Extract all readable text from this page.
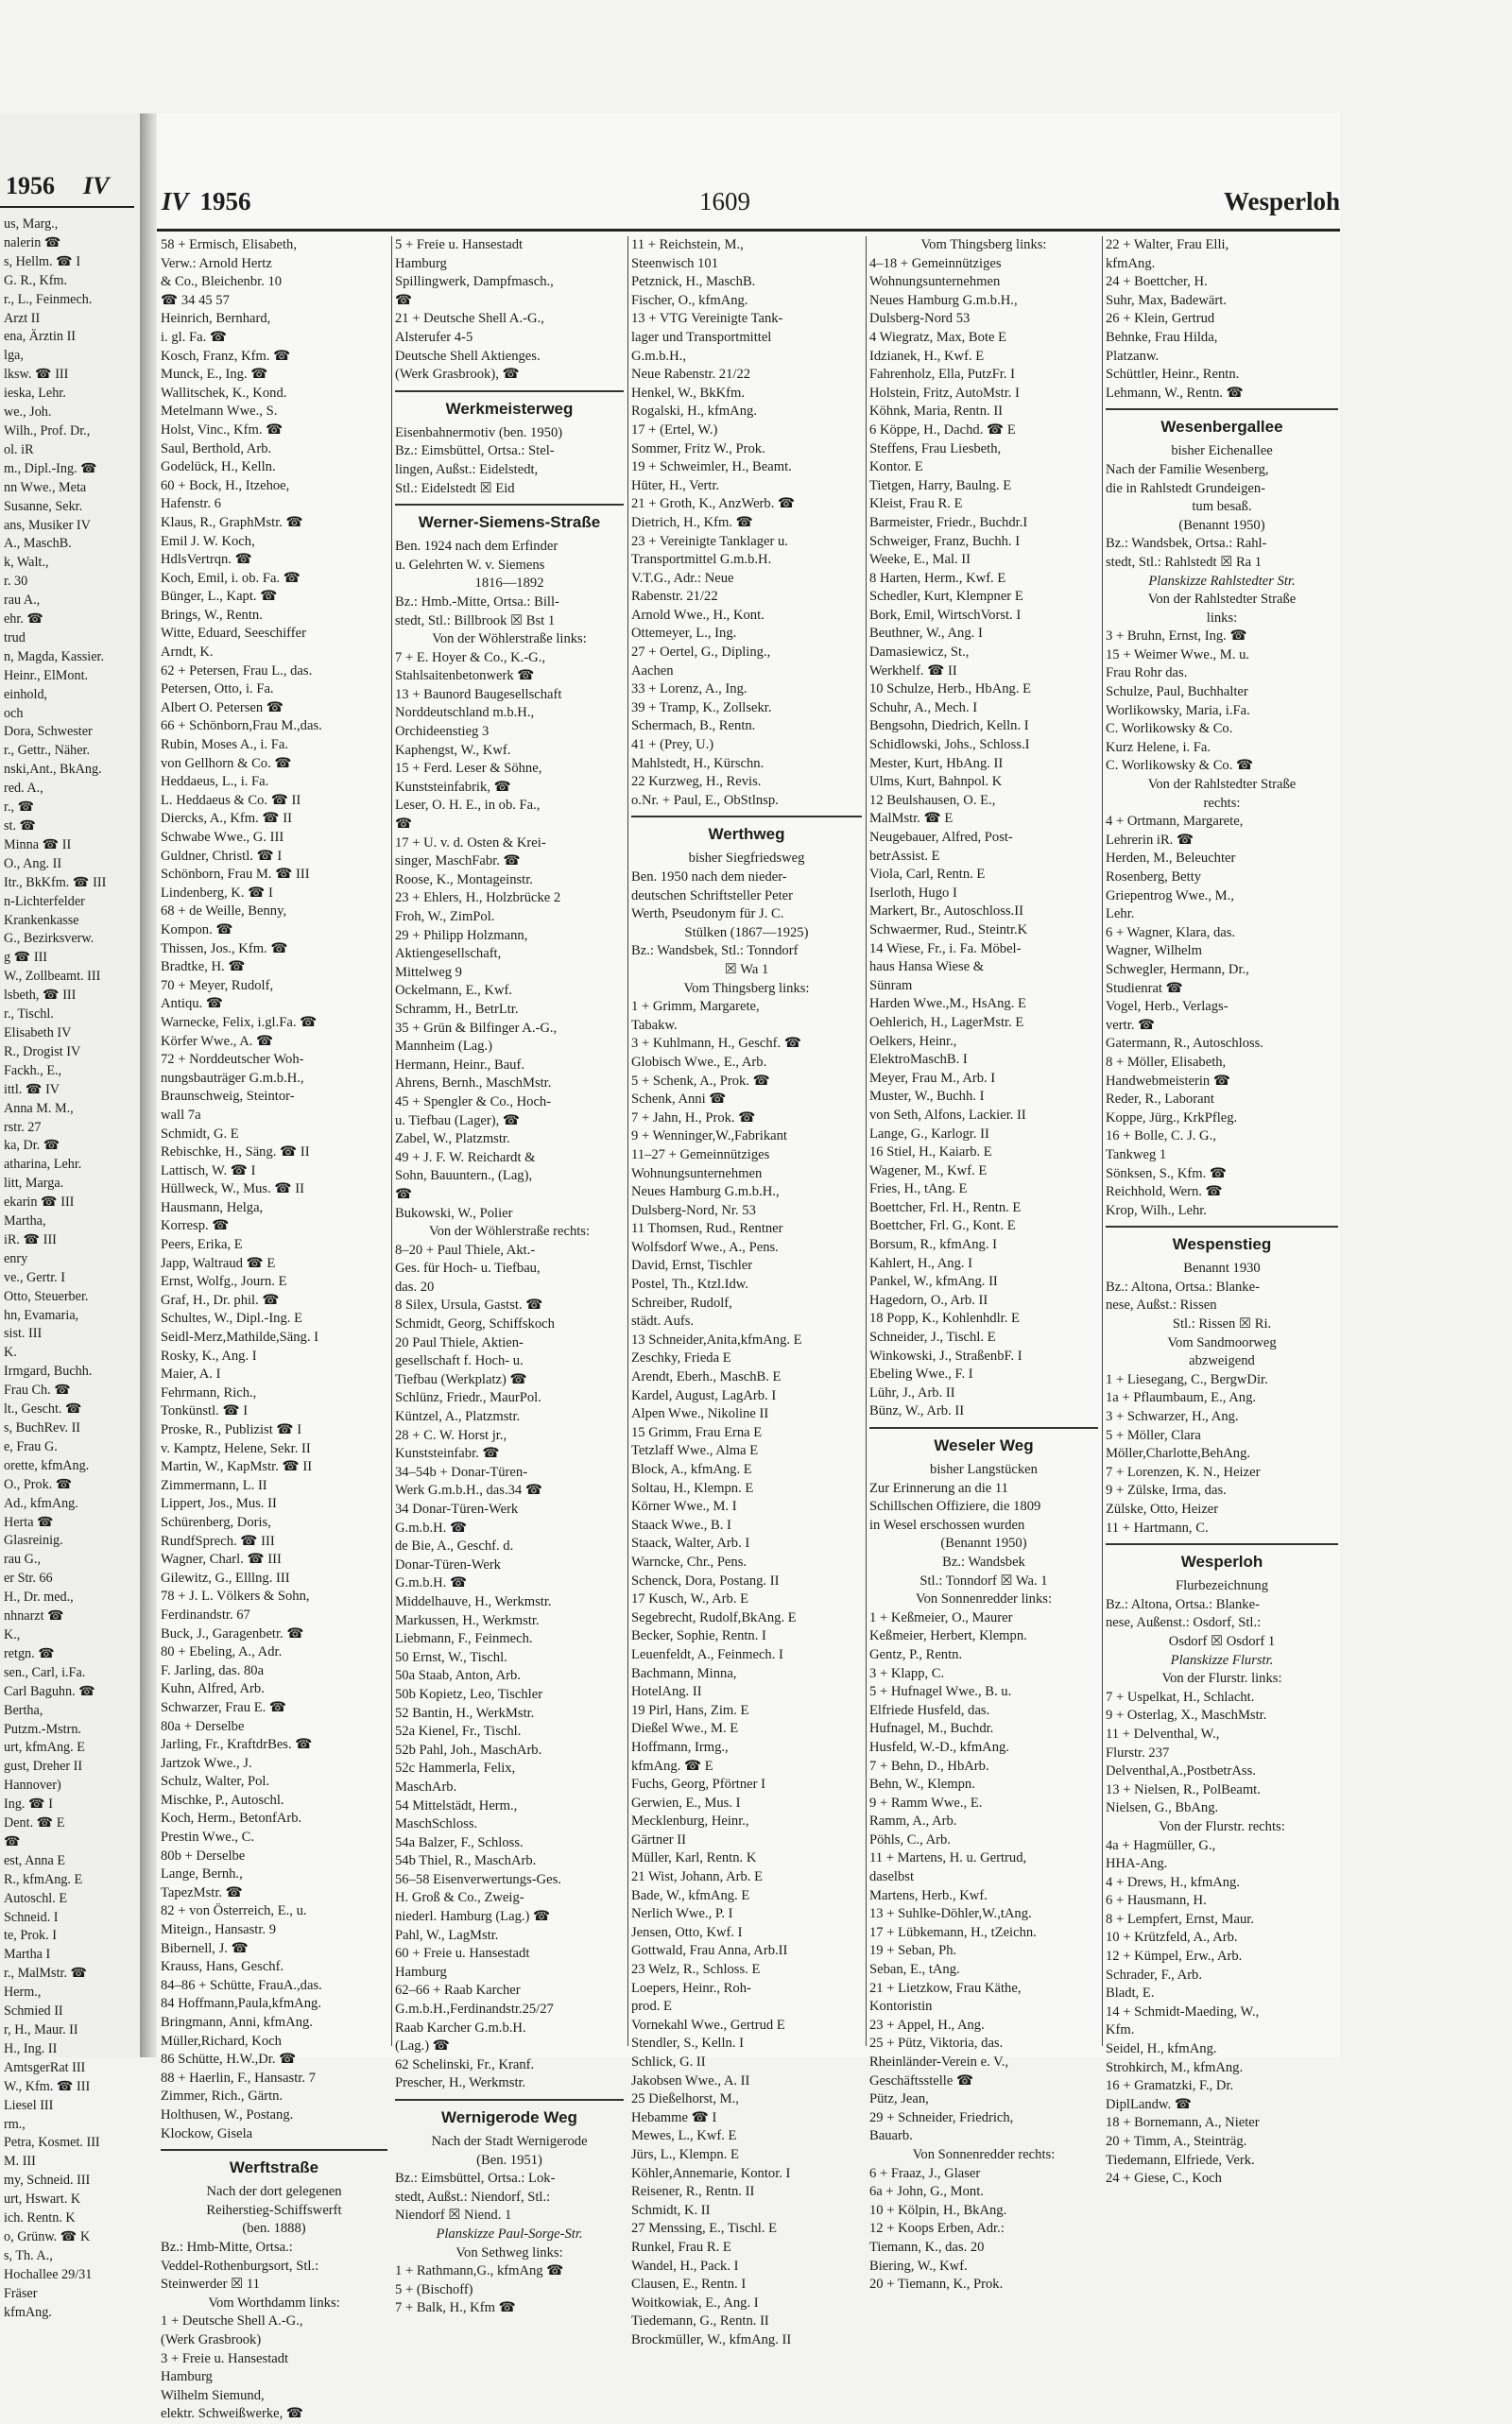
1956 IV
us, Marg.,
nalerin ☎
s, Hellm. ☎ I
G. R., Kfm.
r., L., Feinmech.
Arzt II
ena, Ärztin II
lga,
lksw. ☎ III
ieska, Lehr.
we., Joh.
Wilh., Prof. Dr.,
ol. iR
m., Dipl.-Ing. ☎
nn Wwe., Meta
Susanne, Sekr.
ans, Musiker IV
A., MaschB.
k, Walt.,
r. 30
rau A.,
ehr. ☎
trud
n, Magda, Kassier.
Heinr., ElMont.
einhold,
och
Dora, Schwester
r., Gettr., Näher.
nski,Ant., BkAng.
red. A.,
r., ☎
st. ☎
Minna ☎ II
O., Ang. II
Itr., BkKfm. ☎ III
n-Lichterfelder
Krankenkasse
G., Bezirksverw.
g ☎ III
W., Zollbeamt. III
lsbeth, ☎ III
r., Tischl.
Elisabeth IV
R., Drogist IV
Fackh., E.,
ittl. ☎ IV
Anna M. M.,
rstr. 27
ka, Dr. ☎
atharina, Lehr.
litt, Marga.
ekarin ☎ III
Martha,
iR. ☎ III
enry
ve., Gertr. I
Otto, Steuerber.
hn, Evamaria,
sist. III
K.
Irmgard, Buchh.
Frau Ch. ☎
lt., Gescht. ☎
s, BuchRev. II
e, Frau G.
orette, kfmAng.
O., Prok. ☎
Ad., kfmAng.
Herta ☎
Glasreinig.
rau G.,
er Str. 66
H., Dr. med.,
nhnarzt ☎
K.,
retgn. ☎
sen., Carl, i.Fa.
Carl Baguhn. ☎
Bertha,
Putzm.-Mstrn.
urt, kfmAng. E
gust, Dreher II
Hannover)
Ing. ☎ I
Dent. ☎ E
☎
est, Anna E
R., kfmAng. E
Autoschl. E
Schneid. I
te, Prok. I
Martha I
r., MalMstr. ☎
Herm.,
Schmied II
r, H., Maur. II
H., Ing. II
AmtsgerRat III
W., Kfm. ☎ III
Liesel III
rm.,
Petra, Kosmet. III
M. III
my, Schneid. III
urt, Hswart. K
ich. Rentn. K
o, Grünw. ☎ K
s, Th. A.,
Hochallee 29/31
Fräser
kfmAng.
IV 1956	1609	Wesperloh
58 + Ermisch, Elisabeth,
Verw.: Arnold Hertz
& Co., Bleichenbr. 10
☎ 34 45 57
Heinrich, Bernhard,
i. gl. Fa. ☎
Kosch, Franz, Kfm. ☎
Munck, E., Ing. ☎
Wallitschek, K., Kond.
Metelmann Wwe., S.
Holst, Vinc., Kfm. ☎
Saul, Berthold, Arb.
Godelück, H., Kelln.
60 + Bock, H., Itzehoe,
Hafenstr. 6
Klaus, R., GraphMstr. ☎
Emil J. W. Koch,
HdlsVertrqn. ☎
Koch, Emil, i. ob. Fa. ☎
Bünger, L., Kapt. ☎
Brings, W., Rentn.
Witte, Eduard, Seeschiffer
Arndt, K.
62 + Petersen, Frau L., das.
Petersen, Otto, i. Fa.
Albert O. Petersen ☎
66 + Schönborn,Frau M.,das.
Rubin, Moses A., i. Fa.
von Gellhorn & Co. ☎
Heddaeus, L., i. Fa.
L. Heddaeus & Co. ☎ II
Diercks, A., Kfm. ☎ II
Schwabe Wwe., G. III
Guldner, Christl. ☎ I
Schönborn, Frau M. ☎ III
Lindenberg, K. ☎ I
68 + de Weille, Benny,
Kompon. ☎
Thissen, Jos., Kfm. ☎
Bradtke, H. ☎
70 + Meyer, Rudolf,
Antiqu. ☎
Warnecke, Felix, i.gl.Fa. ☎
Körfer Wwe., A. ☎
72 + Norddeutscher Woh-
nungsbauträger G.m.b.H.,
Braunschweig, Steintor-
wall 7a
Schmidt, G. E
Rebischke, H., Säng. ☎ II
Lattisch, W. ☎ I
Hüllweck, W., Mus. ☎ II
Hausmann, Helga,
Korresp. ☎
Peers, Erika, E
Japp, Waltraud ☎ E
Ernst, Wolfg., Journ. E
Graf, H., Dr. phil. ☎
Schultes, W., Dipl.-Ing. E
Seidl-Merz,Mathilde,Säng. I
Rosky, K., Ang. I
Maier, A. I
Fehrmann, Rich.,
Tonkünstl. ☎ I
Proske, R., Publizist ☎ I
v. Kamptz, Helene, Sekr. II
Martin, W., KapMstr. ☎ II
Zimmermann, L. II
Lippert, Jos., Mus. II
Schürenberg, Doris,
RundfSprech. ☎ III
Wagner, Charl. ☎ III
Gilewitz, G., Elllng. III
78 + J. L. Völkers & Sohn,
Ferdinandstr. 67
Buck, J., Garagenbetr. ☎
80 + Ebeling, A., Adr.
F. Jarling, das. 80a
Kuhn, Alfred, Arb.
Schwarzer, Frau E. ☎
80a + Derselbe
Jarling, Fr., KraftdrBes. ☎
Jartzok Wwe., J.
Schulz, Walter, Pol.
Mischke, P., Autoschl.
Koch, Herm., BetonfArb.
Prestin Wwe., C.
80b + Derselbe
Lange, Bernh.,
TapezMstr. ☎
82 + von Österreich, E., u.
Miteign., Hansastr. 9
Bibernell, J. ☎
Krauss, Hans, Geschf.
84–86 + Schütte, FrauA.,das.
84 Hoffmann,Paula,kfmAng.
Bringmann, Anni, kfmAng.
Müller,Richard, Koch
86 Schütte, H.W.,Dr. ☎
88 + Haerlin, F., Hansastr. 7
Zimmer, Rich., Gärtn.
Holthusen, W., Postang.
Klockow, Gisela
Werftstraße
Nach der dort gelegenen
Reiherstieg-Schiffswerft
(ben. 1888)
Bz.: Hmb-Mitte, Ortsa.:
Veddel-Rothenburgsort, Stl.:
Steinwerder ☒ 11
Vom Worthdamm links:
1 + Deutsche Shell A.-G.,
(Werk Grasbrook)
3 + Freie u. Hansestadt
Hamburg
Wilhelm Siemund,
elektr. Schweißwerke, ☎
5 + Freie u. Hansestadt
Hamburg
Spillingwerk, Dampfmasch.,
☎
21 + Deutsche Shell A.-G.,
Alsterufer 4-5
Deutsche Shell Aktienges.
(Werk Grasbrook), ☎
Werkmeisterweg
Eisenbahnermotiv (ben. 1950)
Bz.: Eimsbüttel, Ortsa.: Stel-
lingen, Außst.: Eidelstedt,
Stl.: Eidelstedt ☒ Eid
Werner-Siemens-Straße
Ben. 1924 nach dem Erfinder
u. Gelehrten W. v. Siemens
1816—1892
Bz.: Hmb.-Mitte, Ortsa.: Bill-
stedt, Stl.: Billbrook ☒ Bst 1
Von der Wöhlerstraße links:
7 + E. Hoyer & Co., K.-G.,
Stahlsaitenbetonwerk ☎
13 + Baunord Baugesellschaft
Norddeutschland m.b.H.,
Orchideenstieg 3
Kaphengst, W., Kwf.
15 + Ferd. Leser & Söhne,
Kunststeinfabrik, ☎
Leser, O. H. E., in ob. Fa.,
☎
17 + U. v. d. Osten & Krei-
singer, MaschFabr. ☎
Roose, K., Montageinstr.
23 + Ehlers, H., Holzbrücke 2
Froh, W., ZimPol.
29 + Philipp Holzmann,
Aktiengesellschaft,
Mittelweg 9
Ockelmann, E., Kwf.
Schramm, H., BetrLtr.
35 + Grün & Bilfinger A.-G.,
Mannheim (Lag.)
Hermann, Heinr., Bauf.
Ahrens, Bernh., MaschMstr.
45 + Spengler & Co., Hoch-
u. Tiefbau (Lager), ☎
Zabel, W., Platzmstr.
49 + J. F. W. Reichardt &
Sohn, Bauuntern., (Lag),
☎
Bukowski, W., Polier
Von der Wöhlerstraße rechts:
8–20 + Paul Thiele, Akt.-
Ges. für Hoch- u. Tiefbau,
das. 20
8 Silex, Ursula, Gastst. ☎
Schmidt, Georg, Schiffskoch
20 Paul Thiele, Aktien-
gesellschaft f. Hoch- u.
Tiefbau (Werkplatz) ☎
Schlünz, Friedr., MaurPol.
Küntzel, A., Platzmstr.
28 + C. W. Horst jr.,
Kunststeinfabr. ☎
34–54b + Donar-Türen-
Werk G.m.b.H., das.34 ☎
34 Donar-Türen-Werk
G.m.b.H. ☎
de Bie, A., Geschf. d.
Donar-Türen-Werk
G.m.b.H. ☎
Middelhauve, H., Werkmstr.
Markussen, H., Werkmstr.
Liebmann, F., Feinmech.
50 Ernst, W., Tischl.
50a Staab, Anton, Arb.
50b Kopietz, Leo, Tischler
52 Bantin, H., WerkMstr.
52a Kienel, Fr., Tischl.
52b Pahl, Joh., MaschArb.
52c Hammerla, Felix,
MaschArb.
54 Mittelstädt, Herm.,
MaschSchloss.
54a Balzer, F., Schloss.
54b Thiel, R., MaschArb.
56–58 Eisenverwertungs-Ges.
H. Groß & Co., Zweig-
niederl. Hamburg (Lag.) ☎
Pahl, W., LagMstr.
60 + Freie u. Hansestadt
Hamburg
62–66 + Raab Karcher
G.m.b.H.,Ferdinandstr.25/27
Raab Karcher G.m.b.H.
(Lag.) ☎
62 Schelinski, Fr., Kranf.
Prescher, H., Werkmstr.
Wernigerode Weg
Nach der Stadt Wernigerode
(Ben. 1951)
Bz.: Eimsbüttel, Ortsa.: Lok-
stedt, Außst.: Niendorf, Stl.:
Niendorf ☒ Niend. 1
Planskizze Paul-Sorge-Str.
Von Sethweg links:
1 + Rathmann,G., kfmAng ☎
5 + (Bischoff)
7 + Balk, H., Kfm ☎
11 + Reichstein, M.,
Steenwisch 101
Petznick, H., MaschB.
Fischer, O., kfmAng.
13 + VTG Vereinigte Tank-
lager und Transportmittel
G.m.b.H.,
Neue Rabenstr. 21/22
Henkel, W., BkKfm.
Rogalski, H., kfmAng.
17 + (Ertel, W.)
Sommer, Fritz W., Prok.
19 + Schweimler, H., Beamt.
Hüter, H., Vertr.
21 + Groth, K., AnzWerb. ☎
Dietrich, H., Kfm. ☎
23 + Vereinigte Tanklager u.
Transportmittel G.m.b.H.
V.T.G., Adr.: Neue
Rabenstr. 21/22
Arnold Wwe., H., Kont.
Ottemeyer, L., Ing.
27 + Oertel, G., Dipling.,
Aachen
33 + Lorenz, A., Ing.
39 + Tramp, K., Zollsekr.
Schermach, B., Rentn.
41 + (Prey, U.)
Mahlstedt, H., Kürschn.
22 Kurzweg, H., Revis.
o.Nr. + Paul, E., ObStlnsp.
Werthweg
bisher Siegfriedsweg
Ben. 1950 nach dem nieder-
deutschen Schriftsteller Peter
Werth, Pseudonym für J. C.
Stülken (1867—1925)
Bz.: Wandsbek, Stl.: Tonndorf
☒ Wa 1
Vom Thingsberg links:
1 + Grimm, Margarete,
Tabakw.
3 + Kuhlmann, H., Geschf. ☎
Globisch Wwe., E., Arb.
5 + Schenk, A., Prok. ☎
Schenk, Anni ☎
7 + Jahn, H., Prok. ☎
9 + Wenninger,W.,Fabrikant
11–27 + Gemeinnütziges
Wohnungsunternehmen
Neues Hamburg G.m.b.H.,
Dulsberg-Nord, Nr. 53
11 Thomsen, Rud., Rentner
Wolfsdorf Wwe., A., Pens.
David, Ernst, Tischler
Postel, Th., Ktzl.Idw.
Schreiber, Rudolf,
städt. Aufs.
13 Schneider,Anita,kfmAng. E
Zeschky, Frieda E
Arendt, Eberh., MaschB. E
Kardel, August, LagArb. I
Alpen Wwe., Nikoline II
15 Grimm, Frau Erna E
Tetzlaff Wwe., Alma E
Block, A., kfmAng. E
Soltau, H., Klempn. E
Körner Wwe., M. I
Staack Wwe., B. I
Staack, Walter, Arb. I
Warncke, Chr., Pens.
Schenck, Dora, Postang. II
17 Kusch, W., Arb. E
Segebrecht, Rudolf,BkAng. E
Becker, Sophie, Rentn. I
Leuenfeldt, A., Feinmech. I
Bachmann, Minna,
HotelAng. II
19 Pirl, Hans, Zim. E
Dießel Wwe., M. E
Hoffmann, Irmg.,
kfmAng. ☎ E
Fuchs, Georg, Pförtner I
Gerwien, E., Mus. I
Mecklenburg, Heinr.,
Gärtner II
Müller, Karl, Rentn. K
21 Wist, Johann, Arb. E
Bade, W., kfmAng. E
Nerlich Wwe., P. I
Jensen, Otto, Kwf. I
Gottwald, Frau Anna, Arb.II
23 Welz, R., Schloss. E
Loepers, Heinr., Roh-
prod. E
Vornekahl Wwe., Gertrud E
Stendler, S., Kelln. I
Schlick, G. II
Jakobsen Wwe., A. II
25 Dießelhorst, M.,
Hebamme ☎ I
Mewes, L., Kwf. E
Jürs, L., Klempn. E
Köhler,Annemarie, Kontor. I
Reisener, R., Rentn. II
Schmidt, K. II
27 Menssing, E., Tischl. E
Runkel, Frau R. E
Wandel, H., Pack. I
Clausen, E., Rentn. I
Woitkowiak, E., Ang. I
Tiedemann, G., Rentn. II
Brockmüller, W., kfmAng. II
Vom Thingsberg links:
4–18 + Gemeinnütziges
Wohnungsunternehmen
Neues Hamburg G.m.b.H.,
Dulsberg-Nord 53
4 Wiegratz, Max, Bote E
Idzianek, H., Kwf. E
Fahrenholz, Ella, PutzFr. I
Holstein, Fritz, AutoMstr. I
Köhnk, Maria, Rentn. II
6 Köppe, H., Dachd. ☎ E
Steffens, Frau Liesbeth,
Kontor. E
Tietgen, Harry, Baulng. E
Kleist, Frau R. E
Barmeister, Friedr., Buchdr.I
Schweiger, Franz, Buchh. I
Weeke, E., Mal. II
8 Harten, Herm., Kwf. E
Schedler, Kurt, Klempner E
Bork, Emil, WirtschVorst. I
Beuthner, W., Ang. I
Damasiewicz, St.,
Werkhelf. ☎ II
10 Schulze, Herb., HbAng. E
Schuhr, A., Mech. I
Bengsohn, Diedrich, Kelln. I
Schidlowski, Johs., Schloss.I
Mester, Kurt, HbAng. II
Ulms, Kurt, Bahnpol. K
12 Beulshausen, O. E.,
MalMstr. ☎ E
Neugebauer, Alfred, Post-
betrAssist. E
Viola, Carl, Rentn. E
Iserloth, Hugo I
Markert, Br., Autoschloss.II
Schwaermer, Rud., Steintr.K
14 Wiese, Fr., i. Fa. Möbel-
haus Hansa Wiese &
Sünram
Harden Wwe.,M., HsAng. E
Oehlerich, H., LagerMstr. E
Oelkers, Heinr.,
ElektroMaschB. I
Meyer, Frau M., Arb. I
Muster, W., Buchh. I
von Seth, Alfons, Lackier. II
Lange, G., Karlogr. II
16 Stiel, H., Kaiarb. E
Wagener, M., Kwf. E
Fries, H., tAng. E
Boettcher, Frl. H., Rentn. E
Boettcher, Frl. G., Kont. E
Borsum, R., kfmAng. I
Kahlert, H., Ang. I
Pankel, W., kfmAng. II
Hagedorn, O., Arb. II
18 Popp, K., Kohlenhdlr. E
Schneider, J., Tischl. E
Winkowski, J., StraßenbF. I
Ebeling Wwe., F. I
Lühr, J., Arb. II
Bünz, W., Arb. II
Weseler Weg
bisher Langstücken
Zur Erinnerung an die 11
Schillschen Offiziere, die 1809
in Wesel erschossen wurden
(Benannt 1950)
Bz.: Wandsbek
Stl.: Tonndorf ☒ Wa. 1
Von Sonnenredder links:
1 + Keßmeier, O., Maurer
Keßmeier, Herbert, Klempn.
Gentz, P., Rentn.
3 + Klapp, C.
5 + Hufnagel Wwe., B. u.
Elfriede Husfeld, das.
Hufnagel, M., Buchdr.
Husfeld, W.-D., kfmAng.
7 + Behn, D., HbArb.
Behn, W., Klempn.
9 + Ramm Wwe., E.
Ramm, A., Arb.
Pöhls, C., Arb.
11 + Martens, H. u. Gertrud,
daselbst
Martens, Herb., Kwf.
13 + Suhlke-Döhler,W.,tAng.
17 + Lübkemann, H., tZeichn.
19 + Seban, Ph.
Seban, E., tAng.
21 + Lietzkow, Frau Käthe,
Kontoristin
23 + Appel, H., Ang.
25 + Pütz, Viktoria, das.
Rheinländer-Verein e. V.,
Geschäftsstelle ☎
Pütz, Jean,
29 + Schneider, Friedrich,
Bauarb.
Von Sonnenredder rechts:
6 + Fraaz, J., Glaser
6a + John, G., Mont.
10 + Kölpin, H., BkAng.
12 + Koops Erben, Adr.:
Tiemann, K., das. 20
Biering, W., Kwf.
20 + Tiemann, K., Prok.
22 + Walter, Frau Elli,
kfmAng.
24 + Boettcher, H.
Suhr, Max, Badewärt.
26 + Klein, Gertrud
Behnke, Frau Hilda,
Platzanw.
Schüttler, Heinr., Rentn.
Lehmann, W., Rentn. ☎
Wesenbergallee
bisher Eichenallee
Nach der Familie Wesenberg,
die in Rahlstedt Grundeigen-
tum besaß.
(Benannt 1950)
Bz.: Wandsbek, Ortsa.: Rahl-
stedt, Stl.: Rahlstedt ☒ Ra 1
Planskizze Rahlstedter Str.
Von der Rahlstedter Straße
links:
3 + Bruhn, Ernst, Ing. ☎
15 + Weimer Wwe., M. u.
Frau Rohr das.
Schulze, Paul, Buchhalter
Worlikowsky, Maria, i.Fa.
C. Worlikowsky & Co.
Kurz Helene, i. Fa.
C. Worlikowsky & Co. ☎
Von der Rahlstedter Straße
rechts:
4 + Ortmann, Margarete,
Lehrerin iR. ☎
Herden, M., Beleuchter
Rosenberg, Betty
Griepentrog Wwe., M.,
Lehr.
6 + Wagner, Klara, das.
Wagner, Wilhelm
Schwegler, Hermann, Dr.,
Studienrat ☎
Vogel, Herb., Verlags-
vertr. ☎
Gatermann, R., Autoschloss.
8 + Möller, Elisabeth,
Handwebmeisterin ☎
Reder, R., Laborant
Koppe, Jürg., KrkPfleg.
16 + Bolle, C. J. G.,
Tankweg 1
Sönksen, S., Kfm. ☎
Reichhold, Wern. ☎
Krop, Wilh., Lehr.
Wespenstieg
Benannt 1930
Bz.: Altona, Ortsa.: Blanke-
nese, Außst.: Rissen
Stl.: Rissen ☒ Ri.
Vom Sandmoorweg
abzweigend
1 + Liesegang, C., BergwDir.
1a + Pflaumbaum, E., Ang.
3 + Schwarzer, H., Ang.
5 + Möller, Clara
Möller,Charlotte,BehAng.
7 + Lorenzen, K. N., Heizer
9 + Zülske, Irma, das.
Zülske, Otto, Heizer
11 + Hartmann, C.
Wesperloh
Flurbezeichnung
Bz.: Altona, Ortsa.: Blanke-
nese, Außenst.: Osdorf, Stl.:
Osdorf ☒ Osdorf 1
Planskizze Flurstr.
Von der Flurstr. links:
7 + Uspelkat, H., Schlacht.
9 + Osterlag, X., MaschMstr.
11 + Delventhal, W.,
Flurstr. 237
Delventhal,A.,PostbetrAss.
13 + Nielsen, R., PolBeamt.
Nielsen, G., BbAng.
Von der Flurstr. rechts:
4a + Hagmüller, G.,
HHA-Ang.
4 + Drews, H., kfmAng.
6 + Hausmann, H.
8 + Lempfert, Ernst, Maur.
10 + Krützfeld, A., Arb.
12 + Kümpel, Erw., Arb.
Schrader, F., Arb.
Bladt, E.
14 + Schmidt-Maeding, W.,
Kfm.
Seidel, H., kfmAng.
Strohkirch, M., kfmAng.
16 + Gramatzki, F., Dr.
DiplLandw. ☎
18 + Bornemann, A., Nieter
20 + Timm, A., Steinträg.
Tiedemann, Elfriede, Verk.
24 + Giese, C., Koch
